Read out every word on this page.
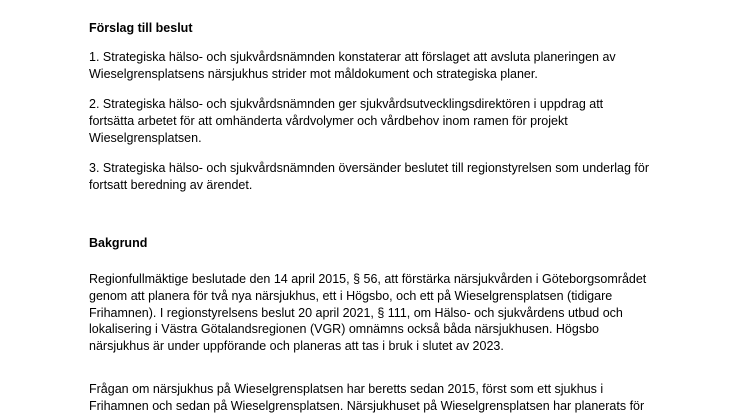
Förslag till beslut

1. Strategiska hälso- och sjukvårdsnämnden konstaterar att förslaget att avsluta planeringen av
Wieselgrensplatsens närsjukhus strider mot måldokument och strategiska planer.

2. Strategiska hälso- och sjukvårdsnämnden ger sjukvårdsutvecklingsdirektören i uppdrag att
fortsätta arbetet för att omhänderta vårdvolymer och vårdbehov inom ramen för projekt
Wieselgrensplatsen.

3. Strategiska hälso- och sjukvårdsnämnden översänder beslutet till regionstyrelsen som underlag för
fortsatt beredning av ärendet.

Bakgrund

Regionfullmäktige beslutade den 14 april 2015, § 56, att förstärka närsjukvården i Göteborgsområdet
genom att planera för två nya närsjukhus, ett i Högsbo, och ett på Wieselgrensplatsen (tidigare
Frihamnen). I regionstyrelsens beslut 20 april 2021, § 111, om Hälso- och sjukvårdens utbud och
lokalisering i Västra Götalandsregionen (VGR) omnämns också båda närsjukhusen. Högsbo
närsjukhus är under uppförande och planeras att tas i bruk i slutet av 2023.

Frågan om närsjukhus på Wieselgrensplatsen har beretts sedan 2015, först som ett sjukhus i
Frihamnen och sedan på Wieselgrensplatsen. Närsjukhuset på Wieselgrensplatsen har planerats för
